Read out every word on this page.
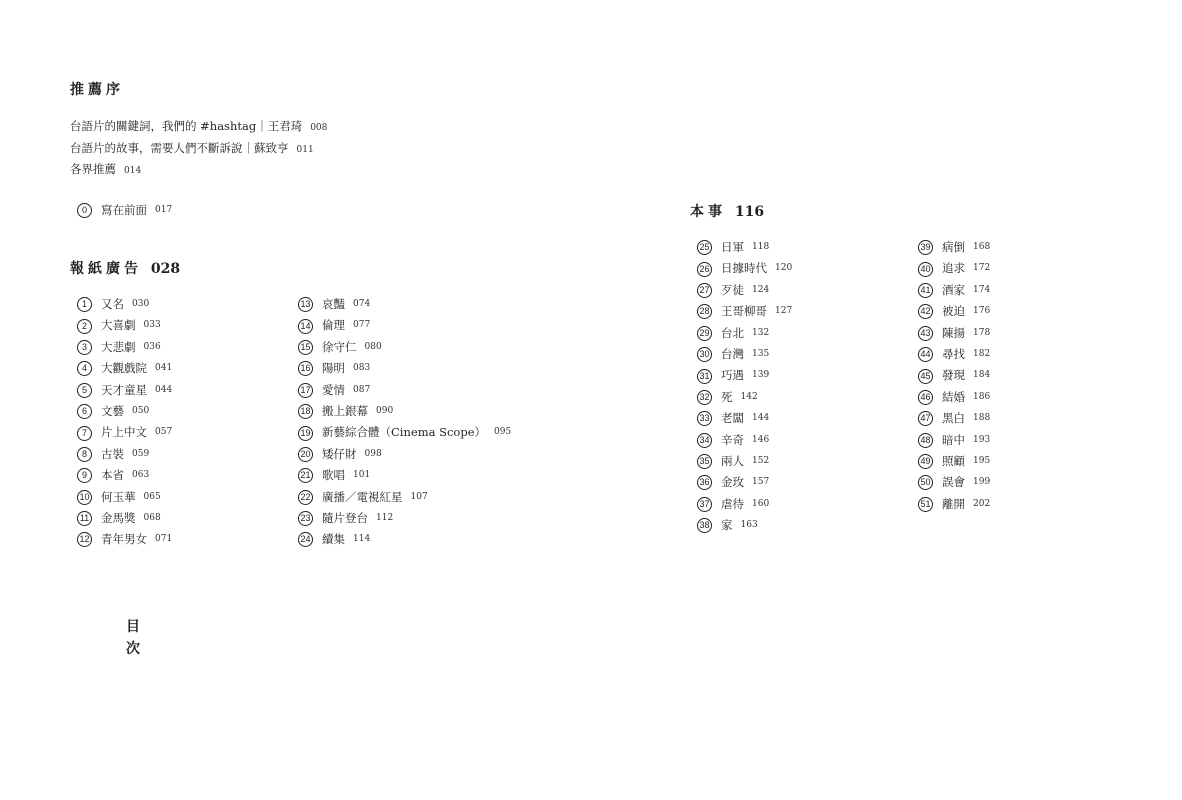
推薦序
台語片的關鍵詞，我們的 #hashtag｜王君琦 008
台語片的故事，需要人們不斷訴說｜蘇致亨 011
各界推薦 014
0	寫在前面 017
報紙廣告 028
1	又名 030
2	大喜劇 033
3	大悲劇 036
4	大觀戲院 041
5	天才童星 044
6	文藝 050
7	片上中文 057
8	古裝 059
9	本省 063
10 何玉華 065
11 金馬獎 068
12 青年男女 071
13 哀豔 074
14 倫理 077
15 徐守仁 080
16 陽明 083
17 愛情 087
18 搬上銀幕 090
19 新藝綜合體（Cinema Scope） 095
20 矮仔財 098
21 歌唱 101
22 廣播／電視紅星 107
23 隨片登台 112
24 續集 114
本事 116
25 日軍 118
26 日據時代 120
27 歹徒 124
28 王哥柳哥 127
29 台北 132
30 台灣 135
31 巧遇 139
32 死 142
33 老闆 144
34 辛奇 146
35 兩人 152
36 金玫 157
37 虐待 160
38 家 163
39 病倒 168
40 追求 172
41 酒家 174
42 被迫 176
43 陳揚 178
44 尋找 182
45 發現 184
46 結婚 186
47 黑白 188
48 暗中 193
49 照顧 195
50 誤會 199
51 離開 202
目
次
